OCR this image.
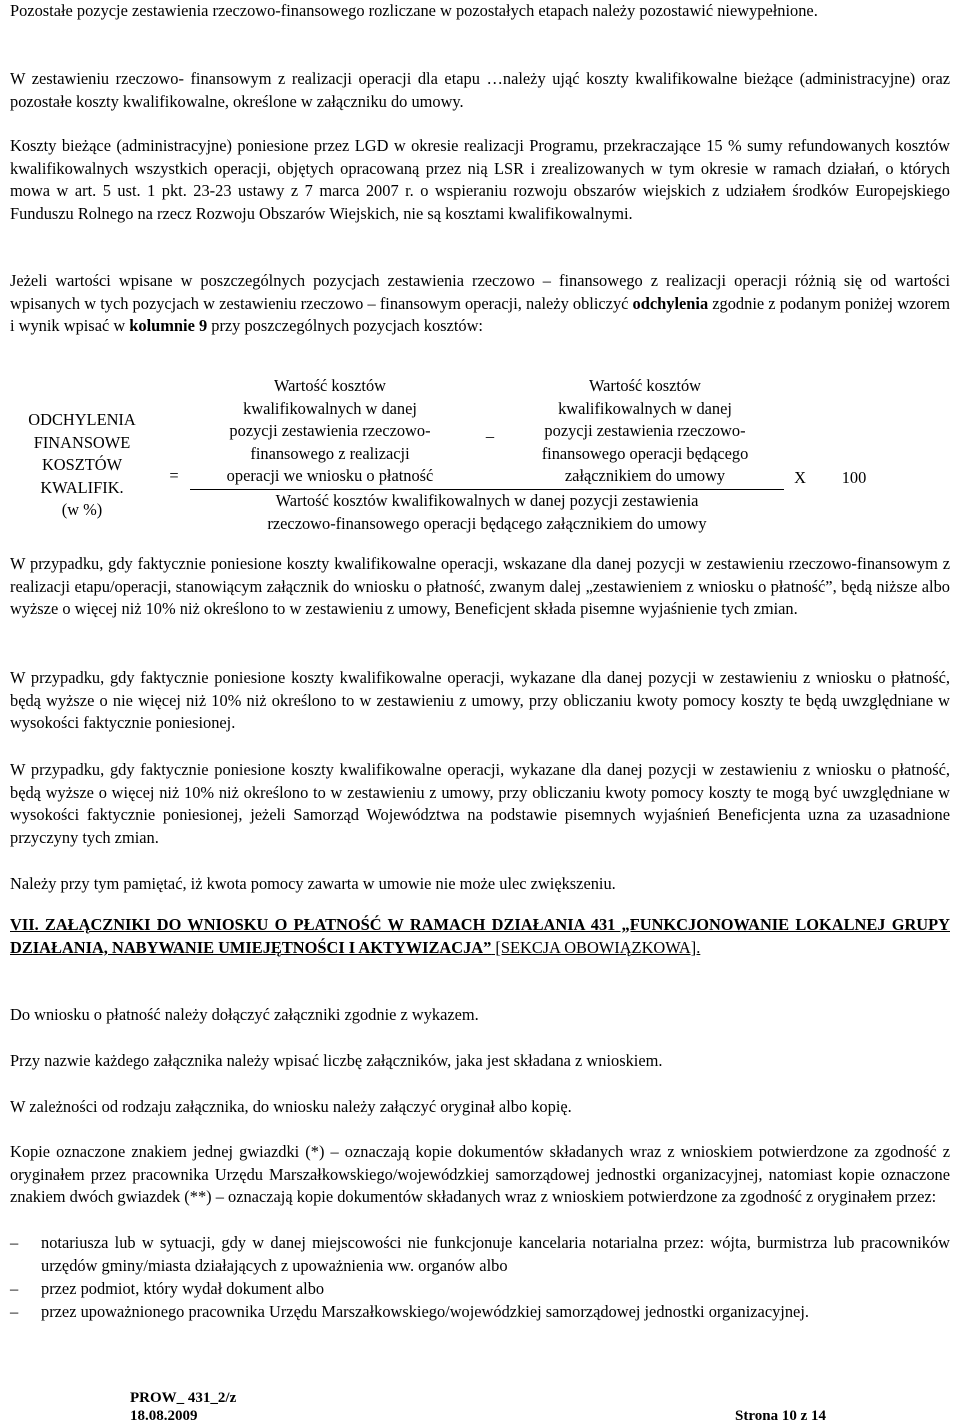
Pozostałe pozycje zestawienia rzeczowo-finansowego rozliczane w pozostałych etapach należy pozostawić niewypełnione.

W zestawieniu rzeczowo- finansowym z realizacji operacji dla etapu …należy ująć koszty kwalifikowalne bieżące (administracyjne) oraz pozostałe koszty kwalifikowalne, określone w załączniku do umowy.

Koszty bieżące (administracyjne) poniesione przez LGD w okresie realizacji Programu, przekraczające 15 % sumy refundowanych kosztów kwalifikowalnych wszystkich operacji, objętych opracowaną przez nią LSR i zrealizowanych w tym okresie w ramach działań, o których mowa w art. 5 ust. 1 pkt. 23-23 ustawy z 7 marca 2007 r. o wspieraniu rozwoju obszarów wiejskich z udziałem środków Europejskiego Funduszu Rolnego na rzecz Rozwoju Obszarów Wiejskich, nie są kosztami kwalifikowalnymi.

Jeżeli wartości wpisane w poszczególnych pozycjach zestawienia rzeczowo – finansowego z realizacji operacji różnią się od wartości wpisanych w tych pozycjach w zestawieniu rzeczowo – finansowym operacji, należy obliczyć odchylenia zgodnie z podanym poniżej wzorem i wynik wpisać w kolumnie 9 przy poszczególnych pozycjach kosztów:

ODCHYLENIA
FINANSOWE
KOSZTÓW
KWALIFIK.
(w %)
=
Wartość kosztów
kwalifikowalnych w danej
pozycji zestawienia rzeczowo-
finansowego z realizacji
operacji we wniosku o płatność
_
Wartość kosztów
kwalifikowalnych w danej
pozycji zestawienia rzeczowo-
finansowego operacji będącego
załącznikiem do umowy
Wartość kosztów kwalifikowalnych w danej pozycji zestawienia
rzeczowo-finansowego operacji będącego załącznikiem do umowy
X	100

W przypadku, gdy faktycznie poniesione koszty kwalifikowalne operacji, wskazane dla danej pozycji w zestawieniu rzeczowo-finansowym z realizacji etapu/operacji, stanowiącym załącznik do wniosku o płatność, zwanym dalej „zestawieniem z wniosku o płatność”, będą niższe albo wyższe o więcej niż 10% niż określono to w zestawieniu z umowy, Beneficjent składa pisemne wyjaśnienie tych zmian.

W przypadku, gdy faktycznie poniesione koszty kwalifikowalne operacji, wykazane dla danej pozycji w zestawieniu z wniosku o płatność, będą wyższe o nie więcej niż 10% niż określono to w zestawieniu z umowy, przy obliczaniu kwoty pomocy koszty te będą uwzględniane w wysokości faktycznie poniesionej.

W przypadku, gdy faktycznie poniesione koszty kwalifikowalne operacji, wykazane dla danej pozycji w zestawieniu z wniosku o płatność, będą wyższe o więcej niż 10% niż określono to w zestawieniu z umowy, przy obliczaniu kwoty pomocy koszty te mogą być uwzględniane w wysokości faktycznie poniesionej, jeżeli Samorząd Województwa na podstawie pisemnych wyjaśnień Beneficjenta uzna za uzasadnione przyczyny tych zmian.

Należy przy tym pamiętać, iż kwota pomocy zawarta w umowie nie może ulec zwiększeniu.

VII. ZAŁĄCZNIKI DO WNIOSKU O PŁATNOŚĆ W RAMACH DZIAŁANIA 431 „FUNKCJONOWANIE LOKALNEJ GRUPY DZIAŁANIA, NABYWANIE UMIEJĘTNOŚCI I AKTYWIZACJA” [SEKCJA OBOWIĄZKOWA].

Do wniosku o płatność należy dołączyć załączniki zgodnie z wykazem.

Przy nazwie każdego załącznika należy wpisać liczbę załączników, jaka jest składana z wnioskiem.

W zależności od rodzaju załącznika, do wniosku należy załączyć oryginał albo kopię.

Kopie oznaczone znakiem jednej gwiazdki (*) – oznaczają kopie dokumentów składanych wraz z wnioskiem potwierdzone za zgodność z oryginałem przez pracownika Urzędu Marszałkowskiego/wojewódzkiej samorządowej jednostki organizacyjnej, natomiast kopie oznaczone znakiem dwóch gwiazdek (**) – oznaczają kopie dokumentów składanych wraz z wnioskiem potwierdzone za zgodność z oryginałem przez:

–	notariusza lub w sytuacji, gdy w danej miejscowości nie funkcjonuje kancelaria notarialna przez: wójta, burmistrza lub pracowników urzędów gminy/miasta działających z upoważnienia ww. organów albo
–	przez podmiot, który wydał dokument albo
–	przez upoważnionego pracownika Urzędu Marszałkowskiego/wojewódzkiej samorządowej jednostki organizacyjnej.
PROW_ 431_2/z
18.08.2009	Strona 10 z 14
